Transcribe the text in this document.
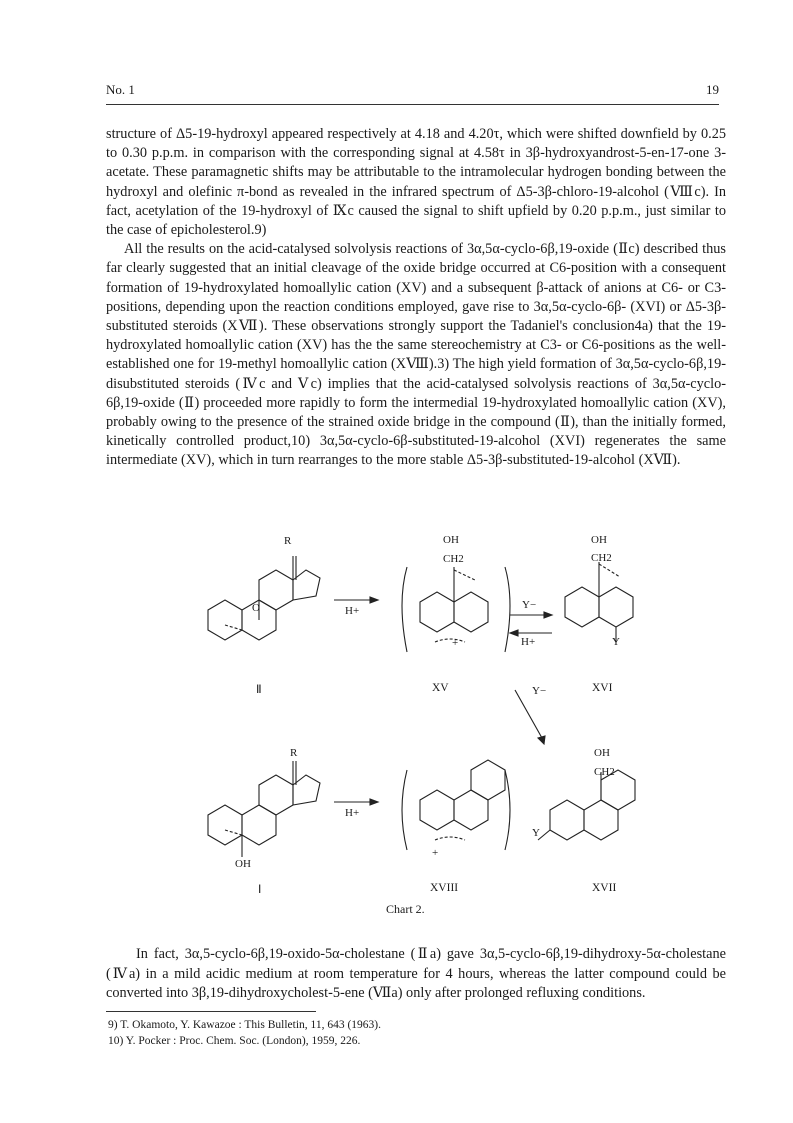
No. 1	19

structure of Δ5-19-hydroxyl appeared respectively at 4.18 and 4.20τ, which were shifted downfield by 0.25 to 0.30 p.p.m. in comparison with the corresponding signal at 4.58τ in 3β-hydroxyandrost-5-en-17-one 3-acetate. These paramagnetic shifts may be attributable to the intramolecular hydrogen bonding between the hydroxyl and olefinic π-bond as revealed in the infrared spectrum of Δ5-3β-chloro-19-alcohol (Ⅷc). In fact, acetylation of the 19-hydroxyl of Ⅸc caused the signal to shift upfield by 0.20 p.p.m., just similar to the case of epicholesterol.9)

All the results on the acid-catalysed solvolysis reactions of 3α,5α-cyclo-6β,19-oxide (Ⅱc) described thus far clearly suggested that an initial cleavage of the oxide bridge occurred at C6-position with a consequent formation of 19-hydroxylated homoallylic cation (XV) and a subsequent β-attack of anions at C6- or C3-positions, depending upon the reaction conditions employed, gave rise to 3α,5α-cyclo-6β- (XVI) or Δ5-3β-substituted steroids (XⅦ). These observations strongly support the Tadaniel's conclusion4a) that the 19-hydroxylated homoallylic cation (XV) has the the same stereochemistry at C3- or C6-positions as the well-established one for 19-methyl homoallylic cation (XⅧ).3) The high yield formation of 3α,5α-cyclo-6β,19-disubstituted steroids (Ⅳc and Ⅴc) implies that the acid-catalysed solvolysis reactions of 3α,5α-cyclo-6β,19-oxide (Ⅱ) proceeded more rapidly to form the intermedial 19-hydroxylated homoallylic cation (XV), probably owing to the presence of the strained oxide bridge in the compound (Ⅱ), than the initially formed, kinetically controlled product,10) 3α,5α-cyclo-6β-substituted-19-alcohol (XVI) regenerates the same intermediate (XV), which in turn rearranges to the more stable Δ5-3β-substituted-19-alcohol (XⅦ).

R
O	H+
OH
CH2
+
Y−
H+
OH
CH2
Y
Y−
R
OH
H+
+
OH
CH2
Y
Ⅱ	XV	XVI
Ⅰ	XVIII	XVII
Chart 2.

In fact, 3α,5-cyclo-6β,19-oxido-5α-cholestane (Ⅱa) gave 3α,5-cyclo-6β,19-dihydroxy-5α-cholestane (Ⅳa) in a mild acidic medium at room temperature for 4 hours, whereas the latter compound could be converted into 3β,19-dihydroxycholest-5-ene (Ⅶa) only after prolonged refluxing conditions.

9) T. Okamoto, Y. Kawazoe : This Bulletin, 11, 643 (1963).
10) Y. Pocker : Proc. Chem. Soc. (London), 1959, 226.
